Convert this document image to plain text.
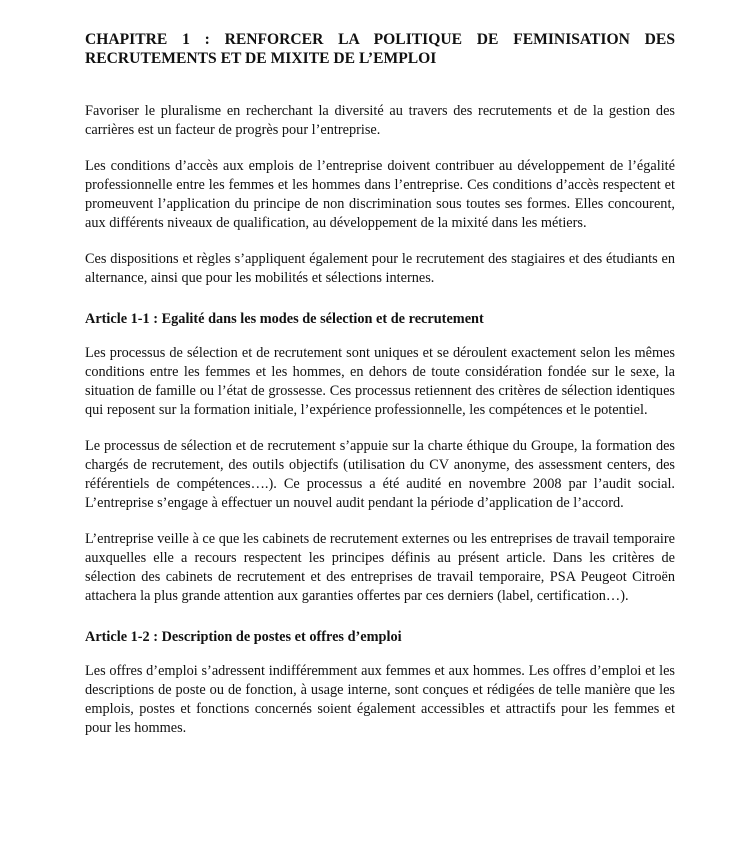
CHAPITRE 1 : RENFORCER LA POLITIQUE DE FEMINISATION DES RECRUTEMENTS ET DE MIXITE DE L’EMPLOI

Favoriser le pluralisme en recherchant la diversité au travers des recrutements et de la gestion des carrières est un facteur de progrès pour l’entreprise.

Les conditions d’accès aux emplois de l’entreprise doivent contribuer au développement de l’égalité professionnelle entre les femmes et les hommes dans l’entreprise. Ces conditions d’accès respectent et promeuvent l’application du principe de non discrimination sous toutes ses formes. Elles concourent, aux différents niveaux de qualification, au développement de la mixité dans les métiers.

Ces dispositions et règles s’appliquent également pour le recrutement des stagiaires et des étudiants en alternance, ainsi que pour les mobilités et sélections internes.

Article 1-1 : Egalité dans les modes de sélection et de recrutement

Les processus de sélection et de recrutement sont uniques et se déroulent exactement selon les mêmes conditions entre les femmes et les hommes, en dehors de toute considération fondée sur le sexe, la situation de famille ou l’état de grossesse. Ces processus retiennent des critères de sélection identiques qui reposent sur la formation initiale, l’expérience professionnelle, les compétences et le potentiel.

Le processus de sélection et de recrutement s’appuie sur la charte éthique du Groupe, la formation des chargés de recrutement, des outils objectifs (utilisation du CV anonyme, des assessment centers, des référentiels de compétences….). Ce processus a été audité en novembre 2008 par l’audit social. L’entreprise s’engage à effectuer un nouvel audit pendant la période d’application de l’accord.

L’entreprise veille à ce que les cabinets de recrutement externes ou les entreprises de travail temporaire auxquelles elle a recours respectent les principes définis au présent article. Dans les critères de sélection des cabinets de recrutement et des entreprises de travail temporaire, PSA Peugeot Citroën attachera la plus grande attention aux garanties offertes par ces derniers (label, certification…).

Article 1-2 : Description de postes et offres d’emploi

Les offres d’emploi s’adressent indifféremment aux femmes et aux hommes. Les offres d’emploi et les descriptions de poste ou de fonction, à usage interne, sont conçues et rédigées de telle manière que les emplois, postes et fonctions concernés soient également accessibles et attractifs pour les femmes et pour les hommes.
